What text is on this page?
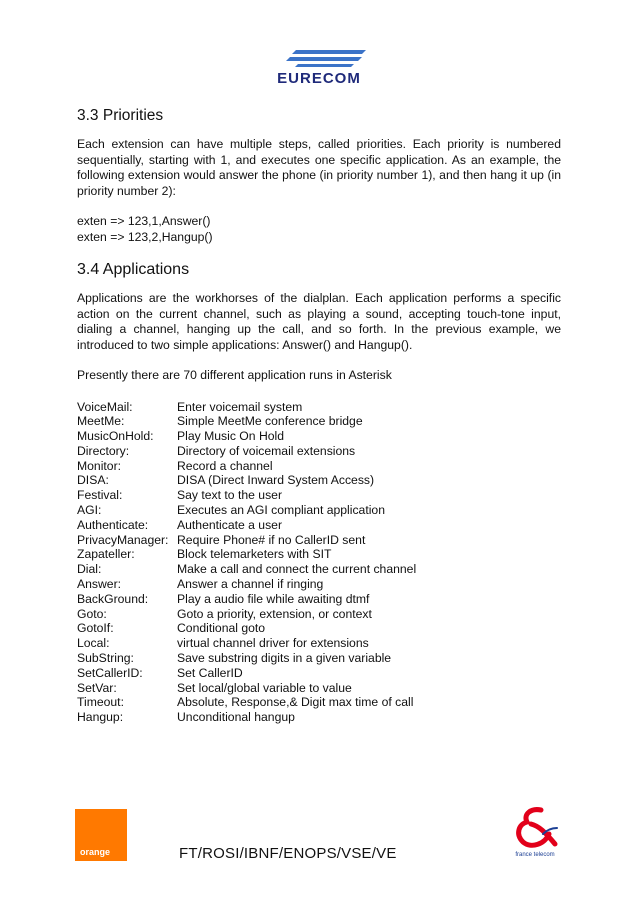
EURECOM
3.3 Priorities

Each extension can have multiple steps, called priorities. Each priority is numbered sequentially, starting with 1, and executes one specific application. As an example, the following extension would answer the phone (in priority number 1), and then hang it up (in priority number 2):

exten => 123,1,Answer()
exten => 123,2,Hangup()
3.4 Applications

Applications are the workhorses of the dialplan. Each application performs a specific action on the current channel, such as playing a sound, accepting touch-tone input, dialing a channel, hanging up the call, and so forth. In the previous example, we introduced to two simple applications: Answer() and Hangup().

Presently there are 70 different application runs in Asterisk

VoiceMail:	Enter voicemail system
MeetMe:	Simple MeetMe conference bridge
MusicOnHold:	Play Music On Hold
Directory:	Directory of voicemail extensions
Monitor:	Record a channel
DISA:	DISA (Direct Inward System Access)
Festival:	Say text to the user
AGI:	Executes an AGI compliant application
Authenticate:	Authenticate a user
PrivacyManager: Require Phone# if no CallerID sent
Zapateller:	Block telemarketers with SIT
Dial:	Make a call and connect the current channel
Answer:	Answer a channel if ringing
BackGround:	Play a audio file while awaiting dtmf
Goto:	Goto a priority, extension, or context
GotoIf:	Conditional goto
Local:	virtual channel driver for extensions
SubString:	Save substring digits in a given variable
SetCallerID:	Set CallerID
SetVar:	Set local/global variable to value
Timeout:	Absolute, Response,& Digit max time of call
Hangup:	Unconditional hangup
orange	FT/ROSI/IBNF/ENOPS/VSE/VE	france telecom
